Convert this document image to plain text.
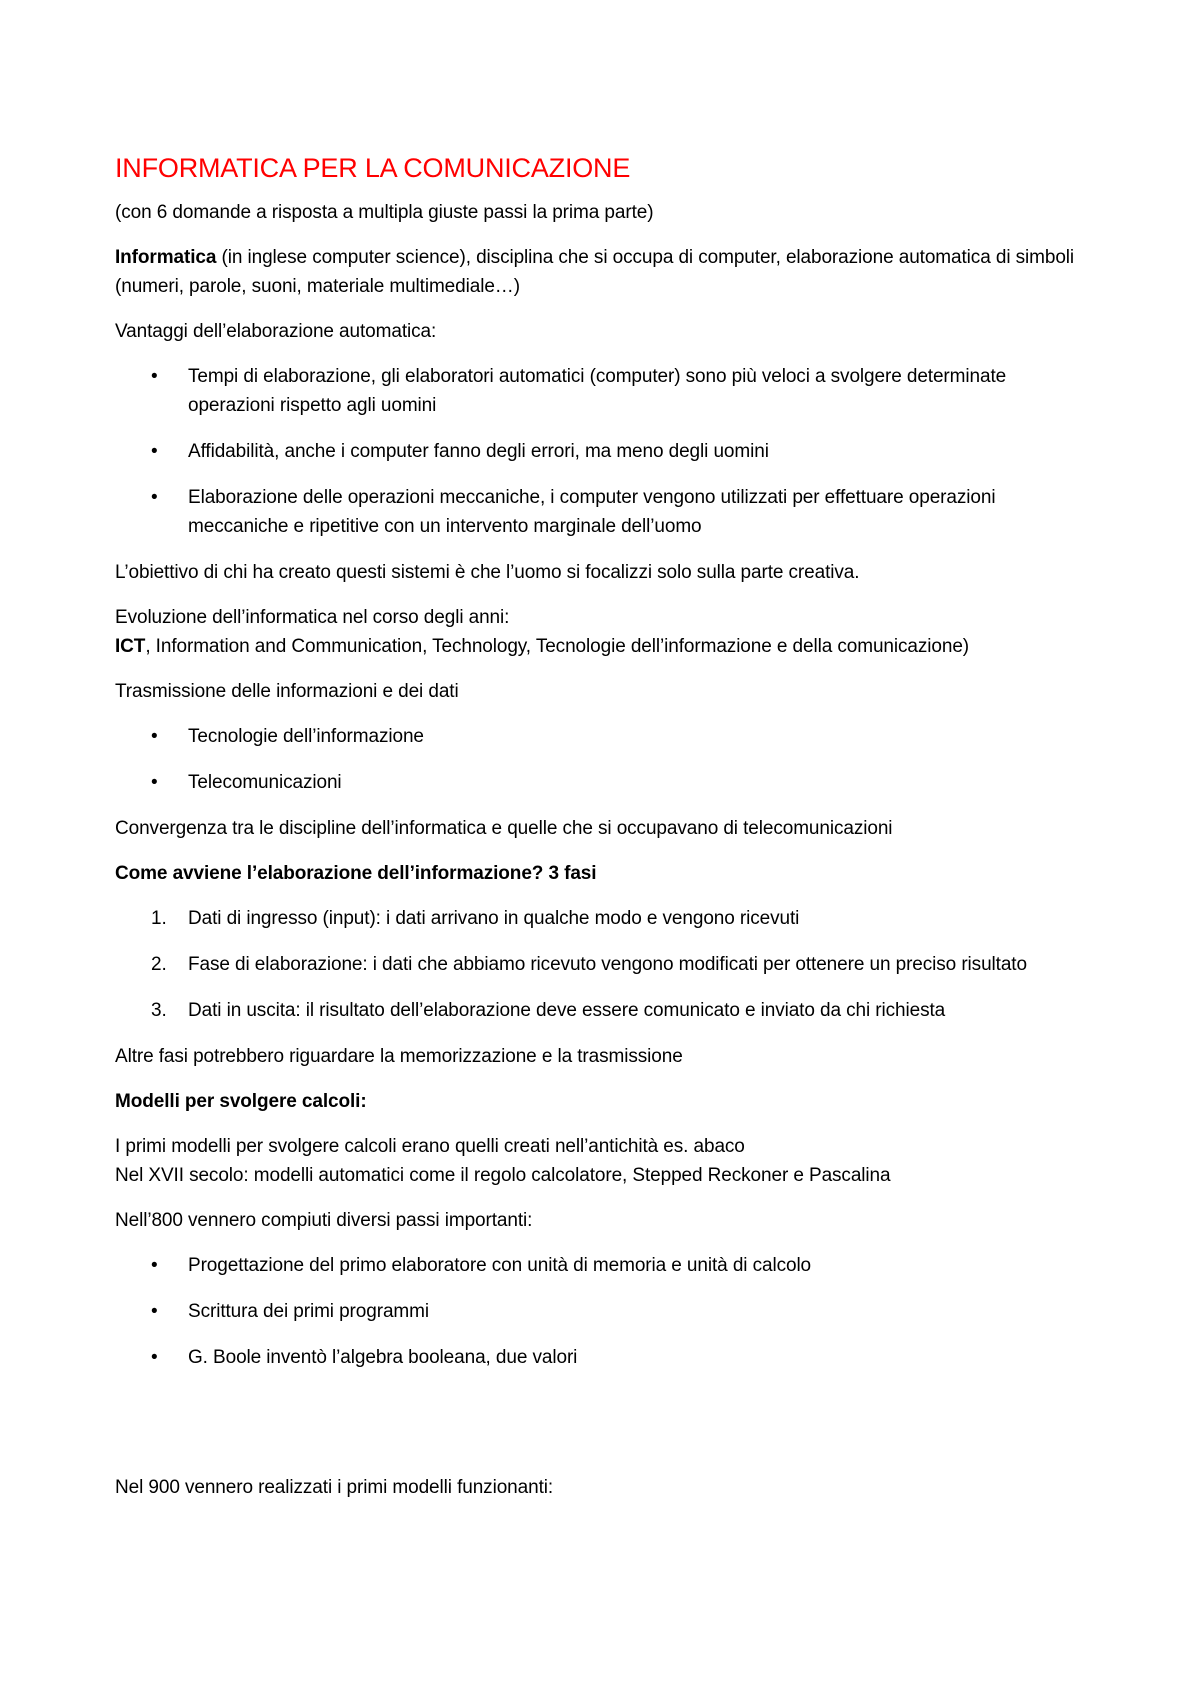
INFORMATICA PER LA COMUNICAZIONE

(con 6 domande a risposta a multipla giuste passi la prima parte)

Informatica (in inglese computer science), disciplina che si occupa di computer, elaborazione automatica di simboli (numeri, parole, suoni, materiale multimediale…)

Vantaggi dell’elaborazione automatica:

• Tempi di elaborazione, gli elaboratori automatici (computer) sono più veloci a svolgere determinate operazioni rispetto agli uomini
• Affidabilità, anche i computer fanno degli errori, ma meno degli uomini
• Elaborazione delle operazioni meccaniche, i computer vengono utilizzati per effettuare operazioni meccaniche e ripetitive con un intervento marginale dell’uomo

L’obiettivo di chi ha creato questi sistemi è che l’uomo si focalizzi solo sulla parte creativa.

Evoluzione dell’informatica nel corso degli anni:
ICT, Information and Communication, Technology, Tecnologie dell’informazione e della comunicazione)

Trasmissione delle informazioni e dei dati

• Tecnologie dell’informazione
• Telecomunicazioni

Convergenza tra le discipline dell’informatica e quelle che si occupavano di telecomunicazioni

Come avviene l’elaborazione dell’informazione? 3 fasi

1. Dati di ingresso (input): i dati arrivano in qualche modo e vengono ricevuti
2. Fase di elaborazione: i dati che abbiamo ricevuto vengono modificati per ottenere un preciso risultato
3. Dati in uscita: il risultato dell’elaborazione deve essere comunicato e inviato da chi richiesta

Altre fasi potrebbero riguardare la memorizzazione e la trasmissione

Modelli per svolgere calcoli:

I primi modelli per svolgere calcoli erano quelli creati nell’antichità es. abaco
Nel XVII secolo: modelli automatici come il regolo calcolatore, Stepped Reckoner e Pascalina

Nell’800 vennero compiuti diversi passi importanti:

• Progettazione del primo elaboratore con unità di memoria e unità di calcolo
• Scrittura dei primi programmi
• G. Boole inventò l’algebra booleana, due valori

Nel 900 vennero realizzati i primi modelli funzionanti:
